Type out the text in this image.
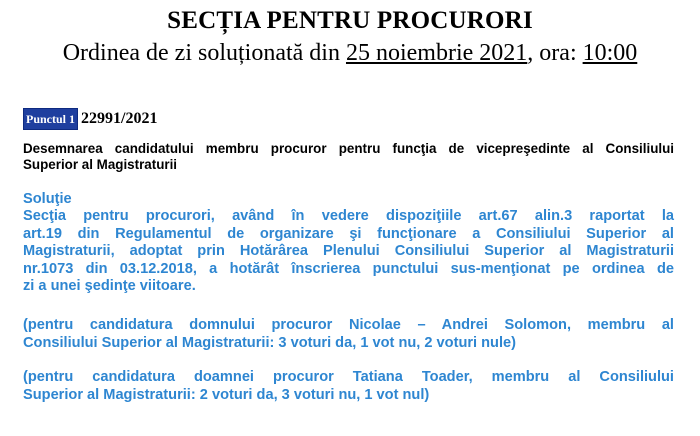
SECȚIA PENTRU PROCURORI
Ordinea de zi soluționată din 25 noiembrie 2021, ora: 10:00
Punctul 1 22991/2021
Desemnarea candidatului membru procuror pentru funcţia de vicepreşedinte al Consiliului
Superior al Magistraturii
Soluţie
Secţia pentru procurori, având în vedere dispoziţiile art.67 alin.3 raportat la
art.19 din Regulamentul de organizare şi funcţionare a Consiliului Superior al
Magistraturii, adoptat prin Hotărârea Plenului Consiliului Superior al Magistraturii
nr.1073 din 03.12.2018, a hotărât înscrierea punctului sus-menţionat pe ordinea de
zi a unei şedinţe viitoare.
(pentru candidatura domnului procuror Nicolae – Andrei Solomon, membru al
Consiliului Superior al Magistraturii: 3 voturi da, 1 vot nu, 2 voturi nule)
(pentru candidatura doamnei procuror Tatiana Toader, membru al Consiliului
Superior al Magistraturii: 2 voturi da, 3 voturi nu, 1 vot nul)
